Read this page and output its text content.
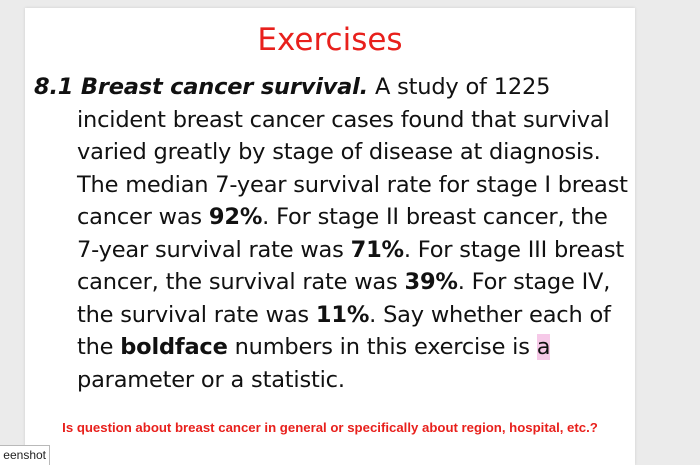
Exercises
8.1 Breast cancer survival. A study of 1225 incident breast cancer cases found that survival varied greatly by stage of disease at diagnosis. The median 7-year survival rate for stage I breast cancer was 92%. For stage II breast cancer, the 7-year survival rate was 71%. For stage III breast cancer, the survival rate was 39%. For stage IV, the survival rate was 11%. Say whether each of the boldface numbers in this exercise is a parameter or a statistic.
Is question about breast cancer in general or specifically about region, hospital, etc.?
eenshot
